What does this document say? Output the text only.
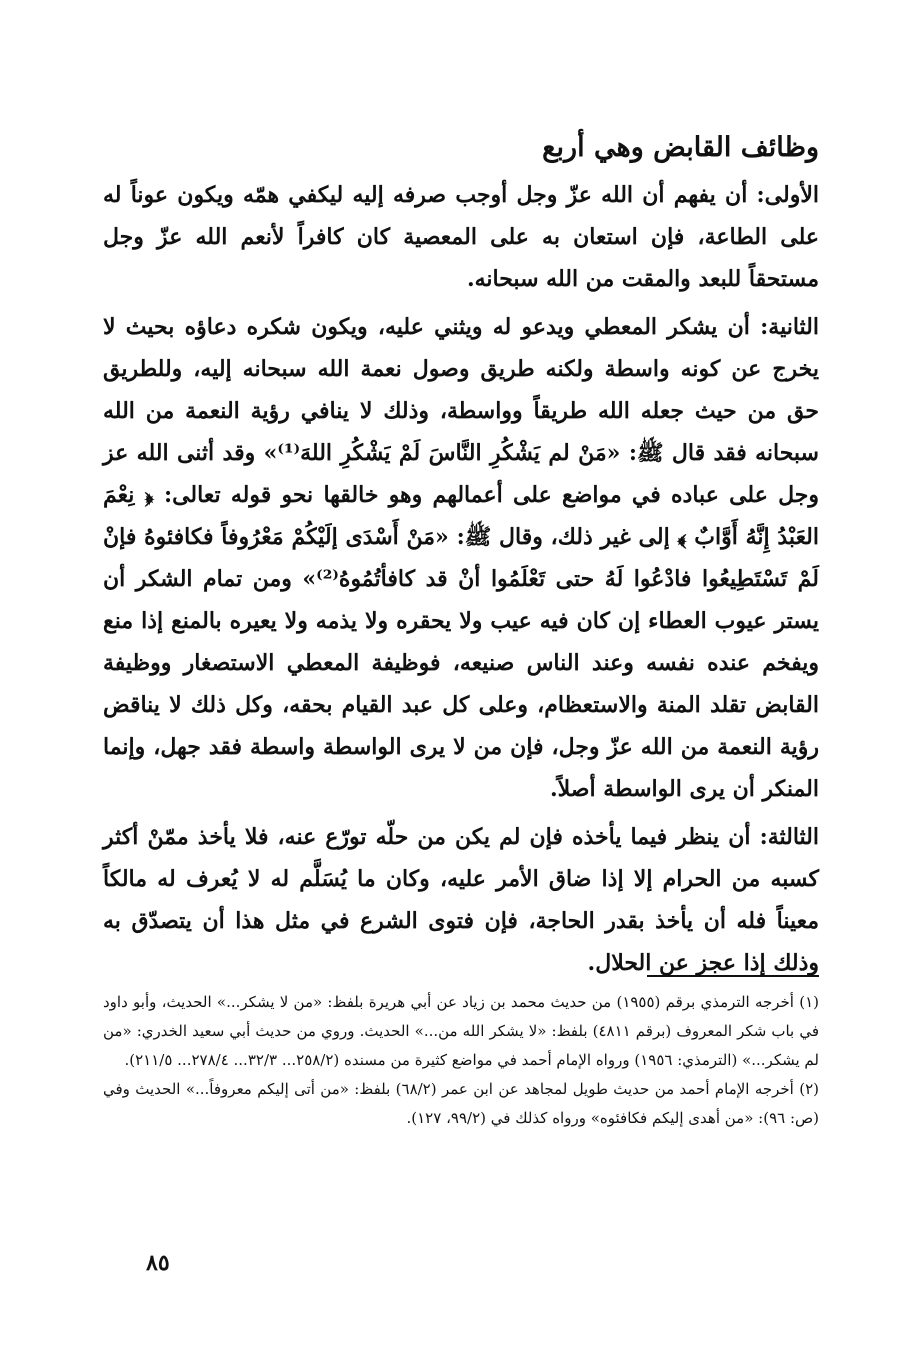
وظائف القابض وهي أربع

الأولى: أن يفهم أن الله عزّ وجل أوجب صرفه إليه ليكفي همّه ويكون عوناً له على الطاعة، فإن استعان به على المعصية كان كافراً لأنعم الله عزّ وجل مستحقاً للبعد والمقت من الله سبحانه.

الثانية: أن يشكر المعطي ويدعو له ويثني عليه، ويكون شكره دعاؤه بحيث لا يخرج عن كونه واسطة ولكنه طريق وصول نعمة الله سبحانه إليه، وللطريق حق من حيث جعله الله طريقاً وواسطة، وذلك لا ينافي رؤية النعمة من الله سبحانه فقد قال ﷺ: «مَنْ لم يَشْكُرِ النَّاسَ لَمْ يَشْكُرِ اللهَ⁽¹⁾» وقد أثنى الله عز وجل على عباده في مواضع على أعمالهم وهو خالقها نحو قوله تعالى: ﴿ نِعْمَ العَبْدُ إِنَّهُ أَوَّابٌ ﴾ إلى غير ذلك، وقال ﷺ: «مَنْ أَسْدَى إلَيْكُمْ مَعْرُوفاً فكافئوهُ فإنْ لَمْ تَسْتَطِيعُوا فادْعُوا لَهُ حتى تَعْلَمُوا أنْ قد كافأتُمُوهُ⁽²⁾» ومن تمام الشكر أن يستر عيوب العطاء إن كان فيه عيب ولا يحقره ولا يذمه ولا يعيره بالمنع إذا منع ويفخم عنده نفسه وعند الناس صنيعه، فوظيفة المعطي الاستصغار ووظيفة القابض تقلد المنة والاستعظام، وعلى كل عبد القيام بحقه، وكل ذلك لا يناقض رؤية النعمة من الله عزّ وجل، فإن من لا يرى الواسطة واسطة فقد جهل، وإنما المنكر أن يرى الواسطة أصلاً.

الثالثة: أن ينظر فيما يأخذه فإن لم يكن من حلّه تورّع عنه، فلا يأخذ ممّنْ أكثر كسبه من الحرام إلا إذا ضاق الأمر عليه، وكان ما يُسَلَّم له لا يُعرف له مالكاً معيناً فله أن يأخذ بقدر الحاجة، فإن فتوى الشرع في مثل هذا أن يتصدّق به وذلك إذا عجز عن الحلال.

(١) أخرجه الترمذي برقم (١٩٥٥) من حديث محمد بن زياد عن أبي هريرة بلفظ: «من لا يشكر...» الحديث، وأبو داود في باب شكر المعروف (برقم ٤٨١١) بلفظ: «لا يشكر الله من...» الحديث. وروي من حديث أبي سعيد الخدري: «من لم يشكر...» (الترمذي: ١٩٥٦) ورواه الإمام أحمد في مواضع كثيرة من مسنده (٢٥٨/٢... ٣٢/٣... ٢٧٨/٤... ٢١١/٥).

(٢) أخرجه الإمام أحمد من حديث طويل لمجاهد عن ابن عمر (٦٨/٢) بلفظ: «من أتى إليكم معروفاً...» الحديث وفي (ص: ٩٦): «من أهدى إليكم فكافئوه» ورواه كذلك في (٩٩/٢، ١٢٧).

٨٥
